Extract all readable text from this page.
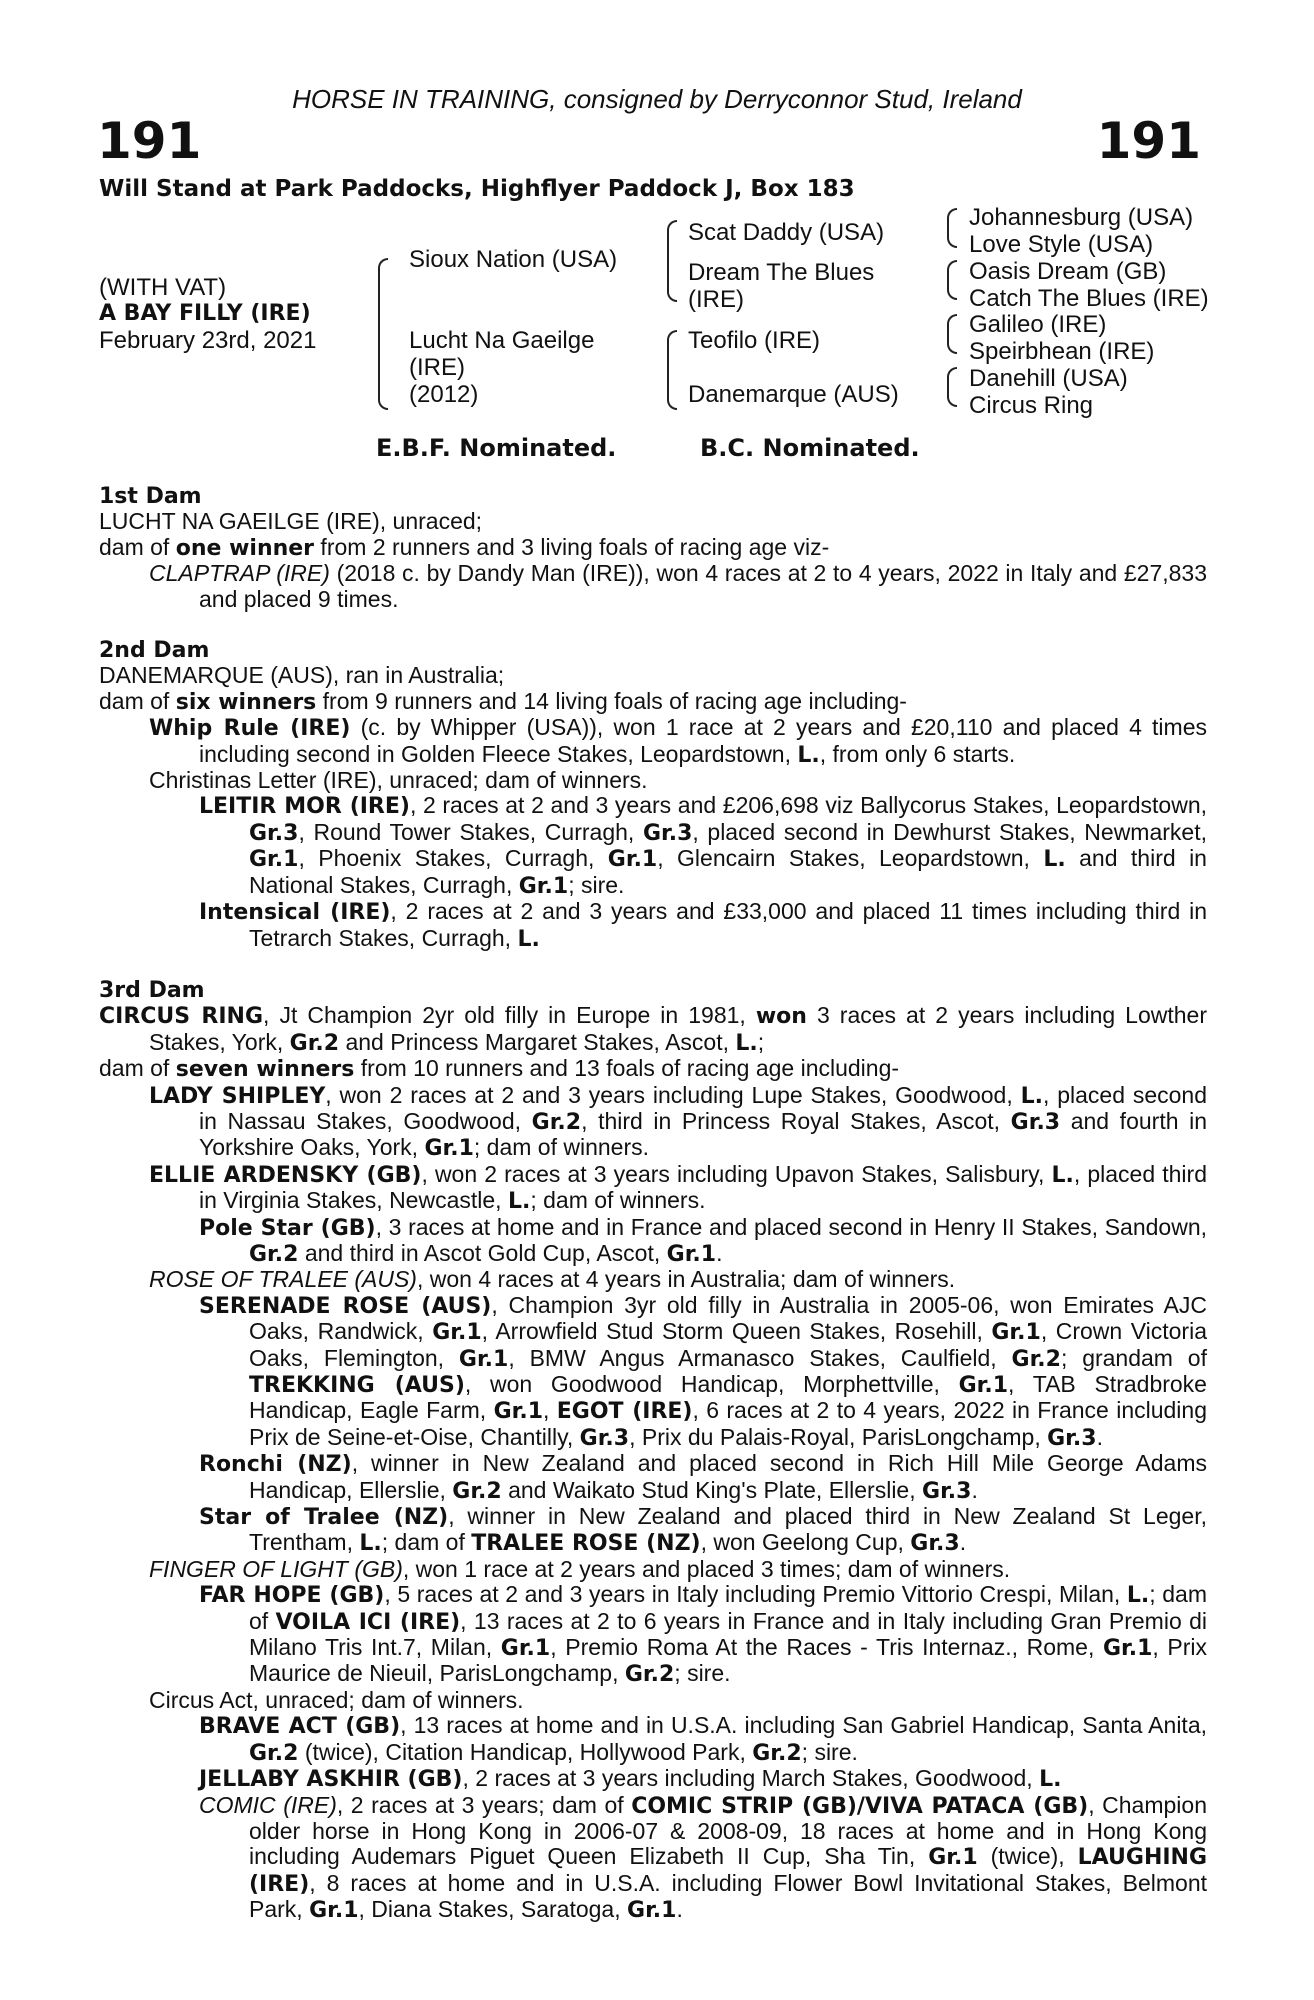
HORSE IN TRAINING, consigned by Derryconnor Stud, Ireland
191	191
Will Stand at Park Paddocks, Highflyer Paddock J, Box 183
(WITH VAT)
A BAY FILLY (IRE)
February 23rd, 2021
Sioux Nation (USA)
Lucht Na Gaeilge
(IRE)
(2012)
Scat Daddy (USA)
Dream The Blues
(IRE)
Teofilo (IRE)
Danemarque (AUS)
Johannesburg (USA)
Love Style (USA)
Oasis Dream (GB)
Catch The Blues (IRE)
Galileo (IRE)
Speirbhean (IRE)
Danehill (USA)
Circus Ring
E.B.F. Nominated.	B.C. Nominated.
1st Dam
LUCHT NA GAEILGE (IRE), unraced;
dam of one winner from 2 runners and 3 living foals of racing age viz-
CLAPTRAP (IRE) (2018 c. by Dandy Man (IRE)), won 4 races at 2 to 4 years, 2022 in Italy and £27,833 and placed 9 times.
2nd Dam
DANEMARQUE (AUS), ran in Australia;
dam of six winners from 9 runners and 14 living foals of racing age including-
Whip Rule (IRE) (c. by Whipper (USA)), won 1 race at 2 years and £20,110 and placed 4 times including second in Golden Fleece Stakes, Leopardstown, L., from only 6 starts.
Christinas Letter (IRE), unraced; dam of winners.
LEITIR MOR (IRE), 2 races at 2 and 3 years and £206,698 viz Ballycorus Stakes, Leopardstown, Gr.3, Round Tower Stakes, Curragh, Gr.3, placed second in Dewhurst Stakes, Newmarket, Gr.1, Phoenix Stakes, Curragh, Gr.1, Glencairn Stakes, Leopardstown, L. and third in National Stakes, Curragh, Gr.1; sire.
Intensical (IRE), 2 races at 2 and 3 years and £33,000 and placed 11 times including third in Tetrarch Stakes, Curragh, L.
3rd Dam
CIRCUS RING, Jt Champion 2yr old filly in Europe in 1981, won 3 races at 2 years including Lowther Stakes, York, Gr.2 and Princess Margaret Stakes, Ascot, L.;
dam of seven winners from 10 runners and 13 foals of racing age including-
LADY SHIPLEY, won 2 races at 2 and 3 years including Lupe Stakes, Goodwood, L., placed second in Nassau Stakes, Goodwood, Gr.2, third in Princess Royal Stakes, Ascot, Gr.3 and fourth in Yorkshire Oaks, York, Gr.1; dam of winners.
ELLIE ARDENSKY (GB), won 2 races at 3 years including Upavon Stakes, Salisbury, L., placed third in Virginia Stakes, Newcastle, L.; dam of winners.
Pole Star (GB), 3 races at home and in France and placed second in Henry II Stakes, Sandown, Gr.2 and third in Ascot Gold Cup, Ascot, Gr.1.
ROSE OF TRALEE (AUS), won 4 races at 4 years in Australia; dam of winners.
SERENADE ROSE (AUS), Champion 3yr old filly in Australia in 2005-06, won Emirates AJC Oaks, Randwick, Gr.1, Arrowfield Stud Storm Queen Stakes, Rosehill, Gr.1, Crown Victoria Oaks, Flemington, Gr.1, BMW Angus Armanasco Stakes, Caulfield, Gr.2; grandam of TREKKING (AUS), won Goodwood Handicap, Morphettville, Gr.1, TAB Stradbroke Handicap, Eagle Farm, Gr.1, EGOT (IRE), 6 races at 2 to 4 years, 2022 in France including Prix de Seine-et-Oise, Chantilly, Gr.3, Prix du Palais-Royal, ParisLongchamp, Gr.3.
Ronchi (NZ), winner in New Zealand and placed second in Rich Hill Mile George Adams Handicap, Ellerslie, Gr.2 and Waikato Stud King's Plate, Ellerslie, Gr.3.
Star of Tralee (NZ), winner in New Zealand and placed third in New Zealand St Leger, Trentham, L.; dam of TRALEE ROSE (NZ), won Geelong Cup, Gr.3.
FINGER OF LIGHT (GB), won 1 race at 2 years and placed 3 times; dam of winners.
FAR HOPE (GB), 5 races at 2 and 3 years in Italy including Premio Vittorio Crespi, Milan, L.; dam of VOILA ICI (IRE), 13 races at 2 to 6 years in France and in Italy including Gran Premio di Milano Tris Int.7, Milan, Gr.1, Premio Roma At the Races - Tris Internaz., Rome, Gr.1, Prix Maurice de Nieuil, ParisLongchamp, Gr.2; sire.
Circus Act, unraced; dam of winners.
BRAVE ACT (GB), 13 races at home and in U.S.A. including San Gabriel Handicap, Santa Anita, Gr.2 (twice), Citation Handicap, Hollywood Park, Gr.2; sire.
JELLABY ASKHIR (GB), 2 races at 3 years including March Stakes, Goodwood, L.
COMIC (IRE), 2 races at 3 years; dam of COMIC STRIP (GB)/VIVA PATACA (GB), Champion older horse in Hong Kong in 2006-07 & 2008-09, 18 races at home and in Hong Kong including Audemars Piguet Queen Elizabeth II Cup, Sha Tin, Gr.1 (twice), LAUGHING (IRE), 8 races at home and in U.S.A. including Flower Bowl Invitational Stakes, Belmont Park, Gr.1, Diana Stakes, Saratoga, Gr.1.
